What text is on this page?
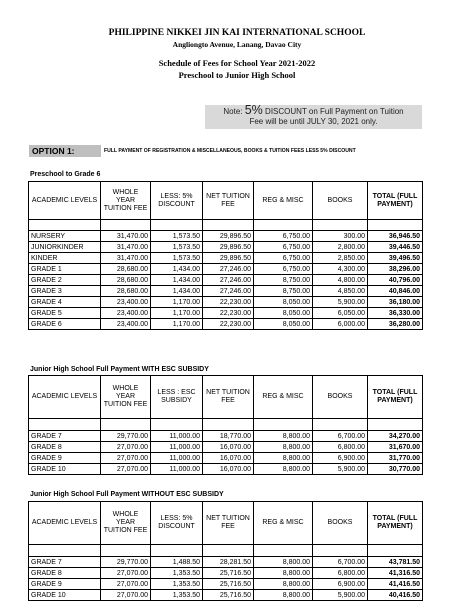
PHILIPPINE NIKKEI JIN KAI INTERNATIONAL SCHOOL
Angliongto Avenue, Lanang, Davao City
Schedule of Fees for School Year 2021-2022
Preschool to Junior High School
Note: 5% DISCOUNT on Full Payment on Tuition
Fee will be until JULY 30, 2021 only.
OPTION 1:	FULL PAYMENT OF REGISTRATION & MISCELLANEOUS, BOOKS & TUITION FEES LESS 5% DISCOUNT
Preschool to Grade 6
ACADEMIC LEVELS	WHOLE YEAR TUITION FEE	LESS: 5% DISCOUNT	NET TUITION FEE	REG & MISC	BOOKS	TOTAL (FULL PAYMENT)

NURSERY	31,470.00	1,573.50	29,896.50	6,750.00	300.00	36,946.50
JUNIORKINDER	31,470.00	1,573.50	29,896.50	6,750.00	2,800.00	39,446.50
KINDER	31,470.00	1,573.50	29,896.50	6,750.00	2,850.00	39,496.50
GRADE 1	28,680.00	1,434.00	27,246.00	6,750.00	4,300.00	38,296.00
GRADE 2	28,680.00	1,434.00	27,246.00	8,750.00	4,800.00	40,796.00
GRADE 3	28,680.00	1,434.00	27,246.00	8,750.00	4,850.00	40,846.00
GRADE 4	23,400.00	1,170.00	22,230.00	8,050.00	5,900.00	36,180.00
GRADE 5	23,400.00	1,170.00	22,230.00	8,050.00	6,050.00	36,330.00
GRADE 6	23,400.00	1,170.00	22,230.00	8,050.00	6,000.00	36,280.00
Junior High School Full Payment WITH ESC SUBSIDY
ACADEMIC LEVELS	WHOLE YEAR TUITION FEE	LESS : ESC SUBSIDY	NET TUITION FEE	REG & MISC	BOOKS	TOTAL (FULL PAYMENT)

GRADE 7	29,770.00	11,000.00	18,770.00	8,800.00	6,700.00	34,270.00
GRADE 8	27,070.00	11,000.00	16,070.00	8,800.00	6,800.00	31,670.00
GRADE 9	27,070.00	11,000.00	16,070.00	8,800.00	6,900.00	31,770.00
GRADE 10	27,070.00	11,000.00	16,070.00	8,800.00	5,900.00	30,770.00
Junior High School Full Payment WITHOUT ESC SUBSIDY
ACADEMIC LEVELS	WHOLE YEAR TUITION FEE	LESS: 5% DISCOUNT	NET TUITION FEE	REG & MISC	BOOKS	TOTAL (FULL PAYMENT)

GRADE 7	29,770.00	1,488.50	28,281.50	8,800.00	6,700.00	43,781.50
GRADE 8	27,070.00	1,353.50	25,716.50	8,800.00	6,800.00	41,316.50
GRADE 9	27,070.00	1,353.50	25,716.50	8,800.00	6,900.00	41,416.50
GRADE 10	27,070.00	1,353.50	25,716.50	8,800.00	5,900.00	40,416.50
